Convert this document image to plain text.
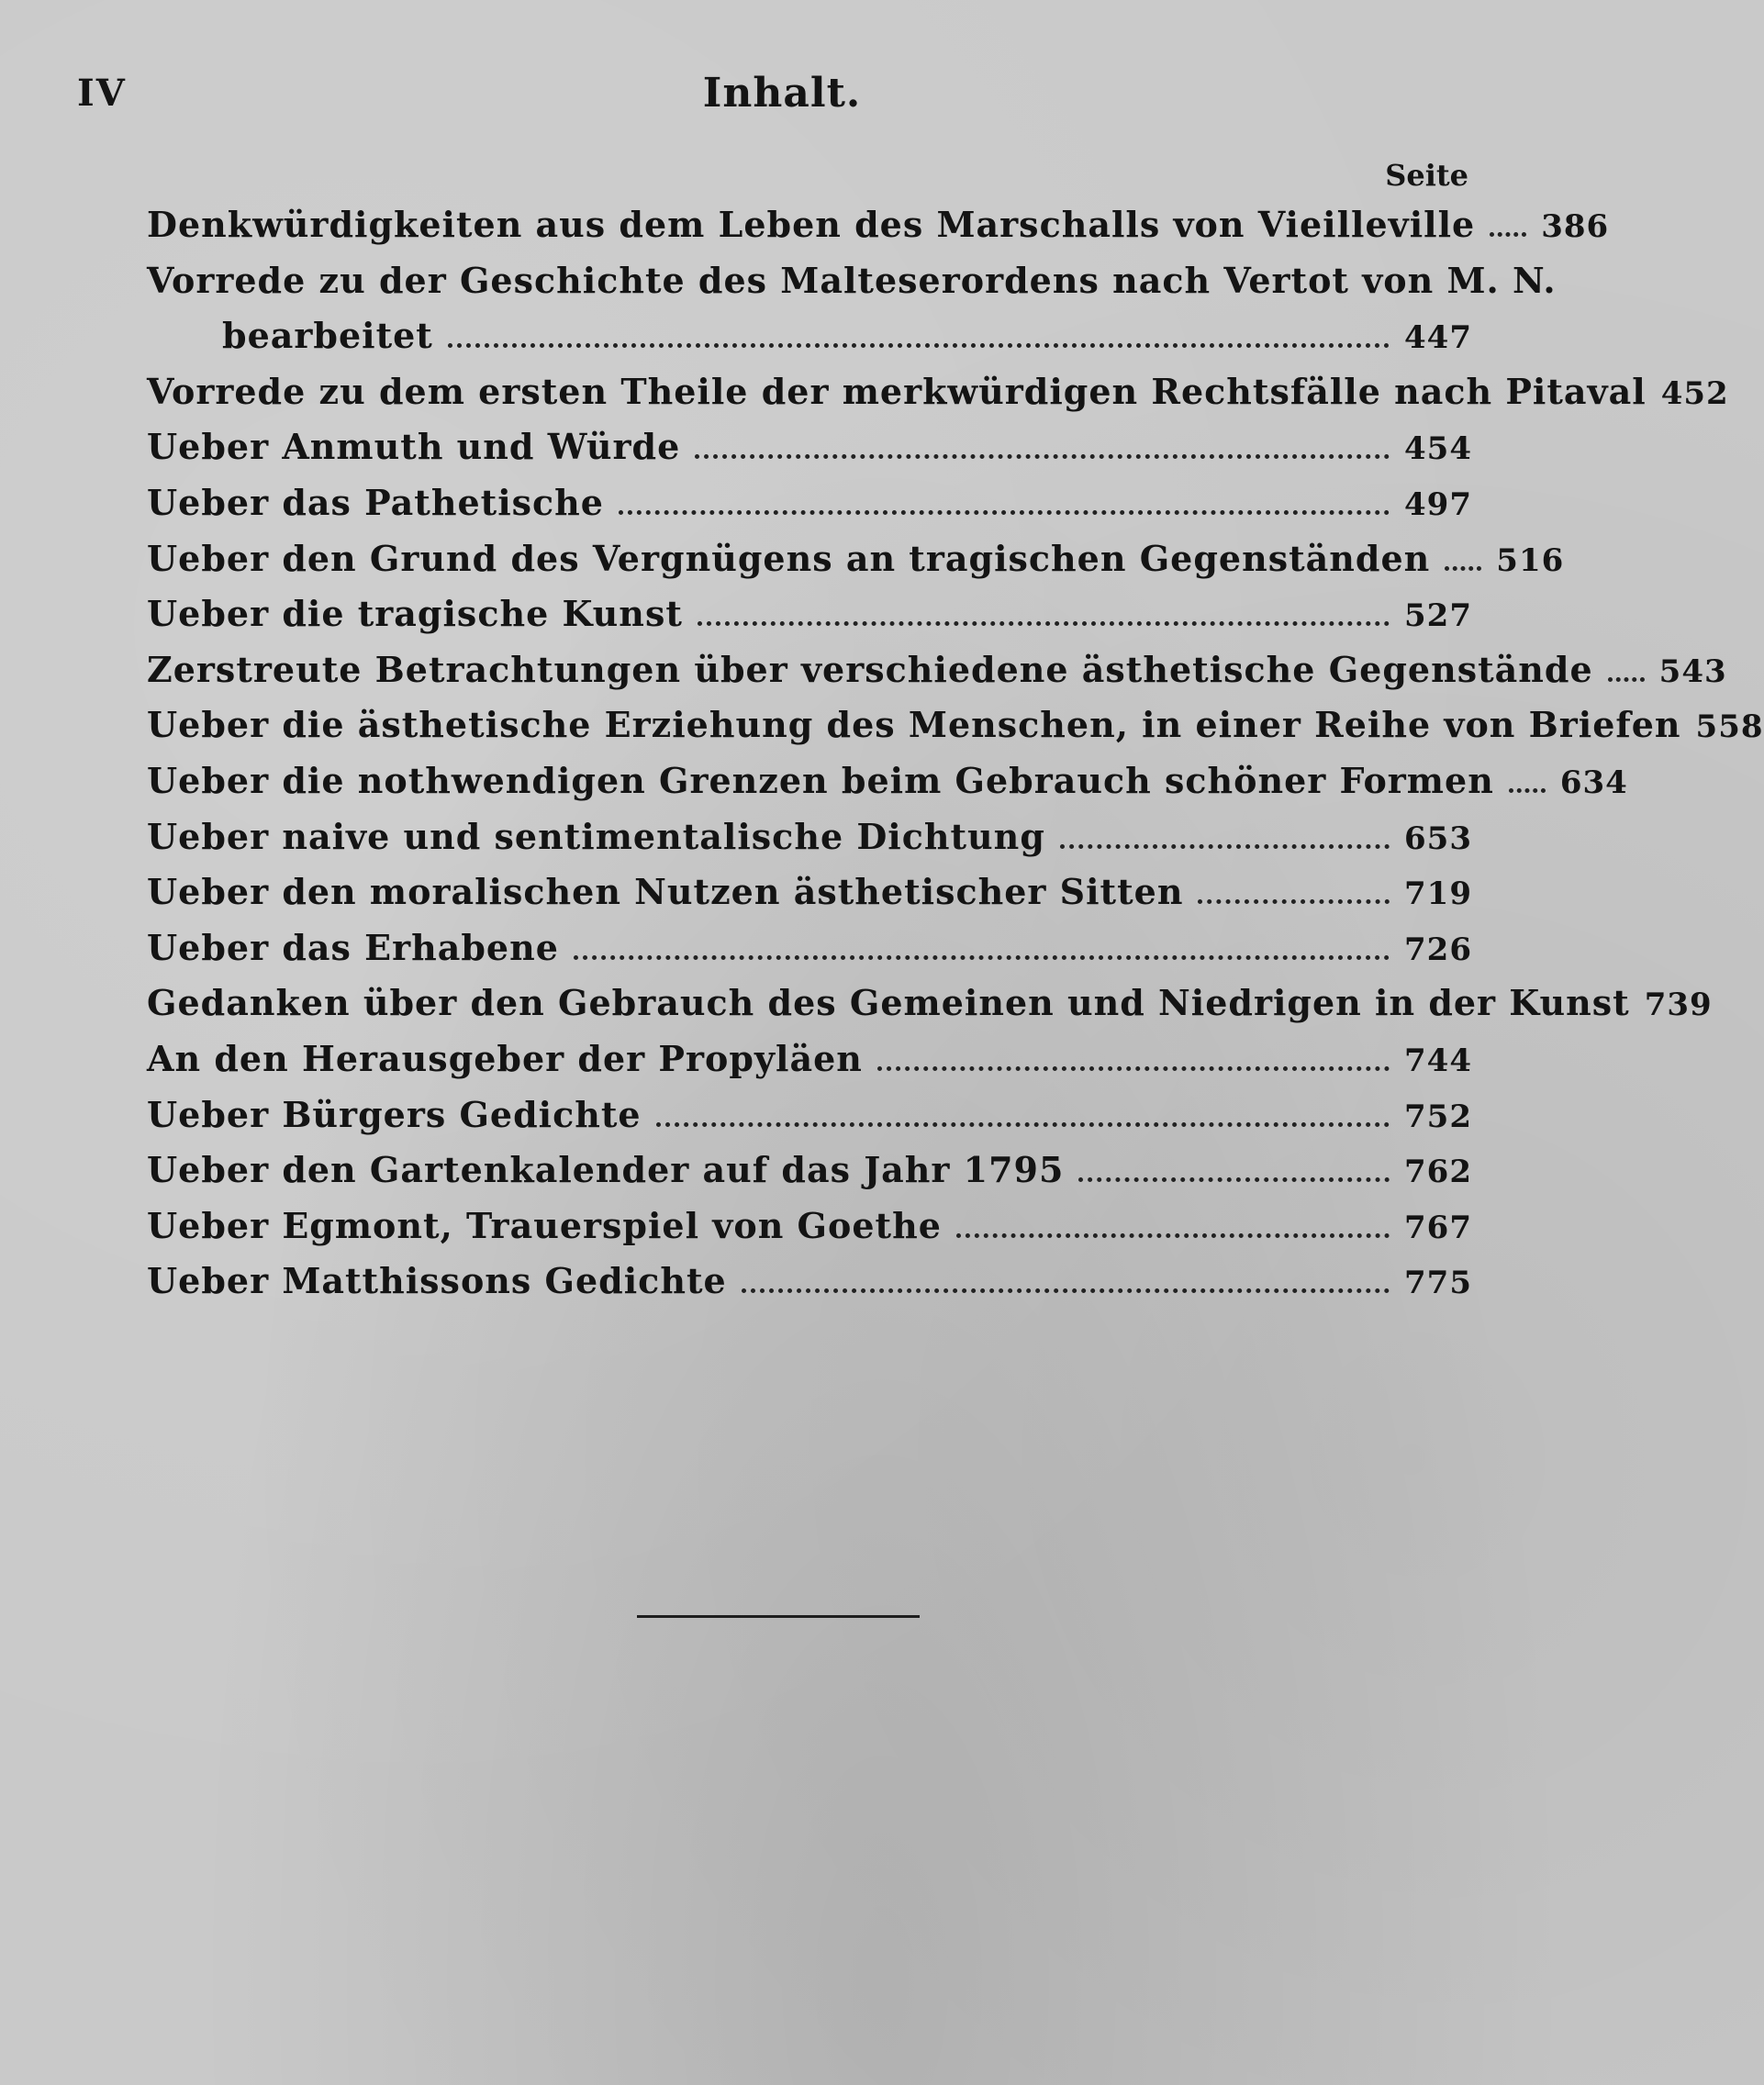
IV	Inhalt.
Seite
Denkwürdigkeiten aus dem Leben des Marschalls von Vieilleville 386
Vorrede zu der Geschichte des Malteserordens nach Vertot von M. N.
bearbeitet	447
Vorrede zu dem ersten Theile der merkwürdigen Rechtsfälle nach Pitaval 452
Ueber Anmuth und Würde	454
Ueber das Pathetische	497
Ueber den Grund des Vergnügens an tragischen Gegenständen 516
Ueber die tragische Kunst	527
Zerstreute Betrachtungen über verschiedene ästhetische Gegenstände 543
Ueber die ästhetische Erziehung des Menschen, in einer Reihe von Briefen 558
Ueber die nothwendigen Grenzen beim Gebrauch schöner Formen 634
Ueber naive und sentimentalische Dichtung	653
Ueber den moralischen Nutzen ästhetischer Sitten	719
Ueber das Erhabene	726
Gedanken über den Gebrauch des Gemeinen und Niedrigen in der Kunst 739
An den Herausgeber der Propyläen	744
Ueber Bürgers Gedichte	752
Ueber den Gartenkalender auf das Jahr 1795	762
Ueber Egmont, Trauerspiel von Goethe	767
Ueber Matthissons Gedichte	775
